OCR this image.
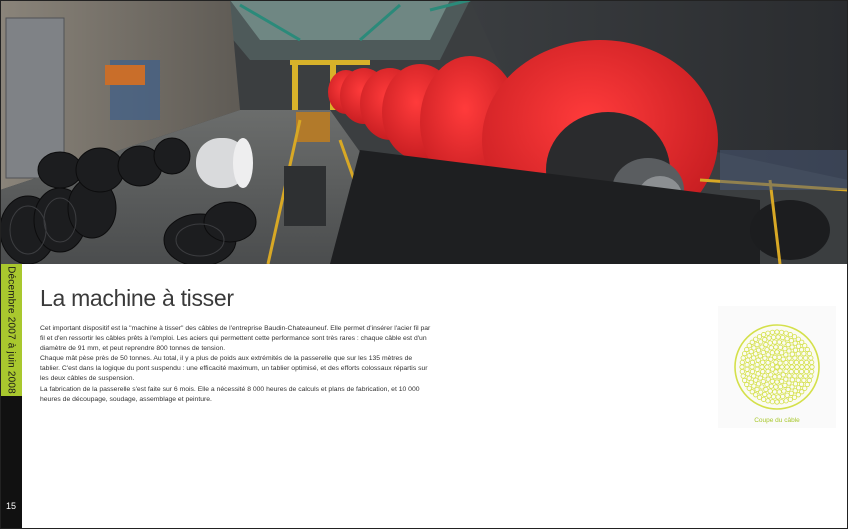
Décembre 2007 à juin 2008
15
La machine à tisser

Cet important dispositif est la "machine à tisser" des câbles de l'entreprise Baudin-Chateauneuf. Elle permet d'insérer l'acier fil par fil et d'en ressortir les câbles prêts à l'emploi. Les aciers qui permettent cette performance sont très rares : chaque câble est d'un diamètre de 91 mm, et peut reprendre 800 tonnes de tension.

Chaque mât pèse près de 50 tonnes. Au total, il y a plus de poids aux extrémités de la passerelle que sur les 135 mètres de tablier. C'est dans la logique du pont suspendu : une efficacité maximum, un tablier optimisé, et des efforts colossaux répartis sur les deux câbles de suspension.

La fabrication de la passerelle s'est faite sur 6 mois. Elle a nécessité 8 000 heures de calculs et plans de fabrication, et 10 000 heures de découpage, soudage, assemblage et peinture.

Coupe du câble
